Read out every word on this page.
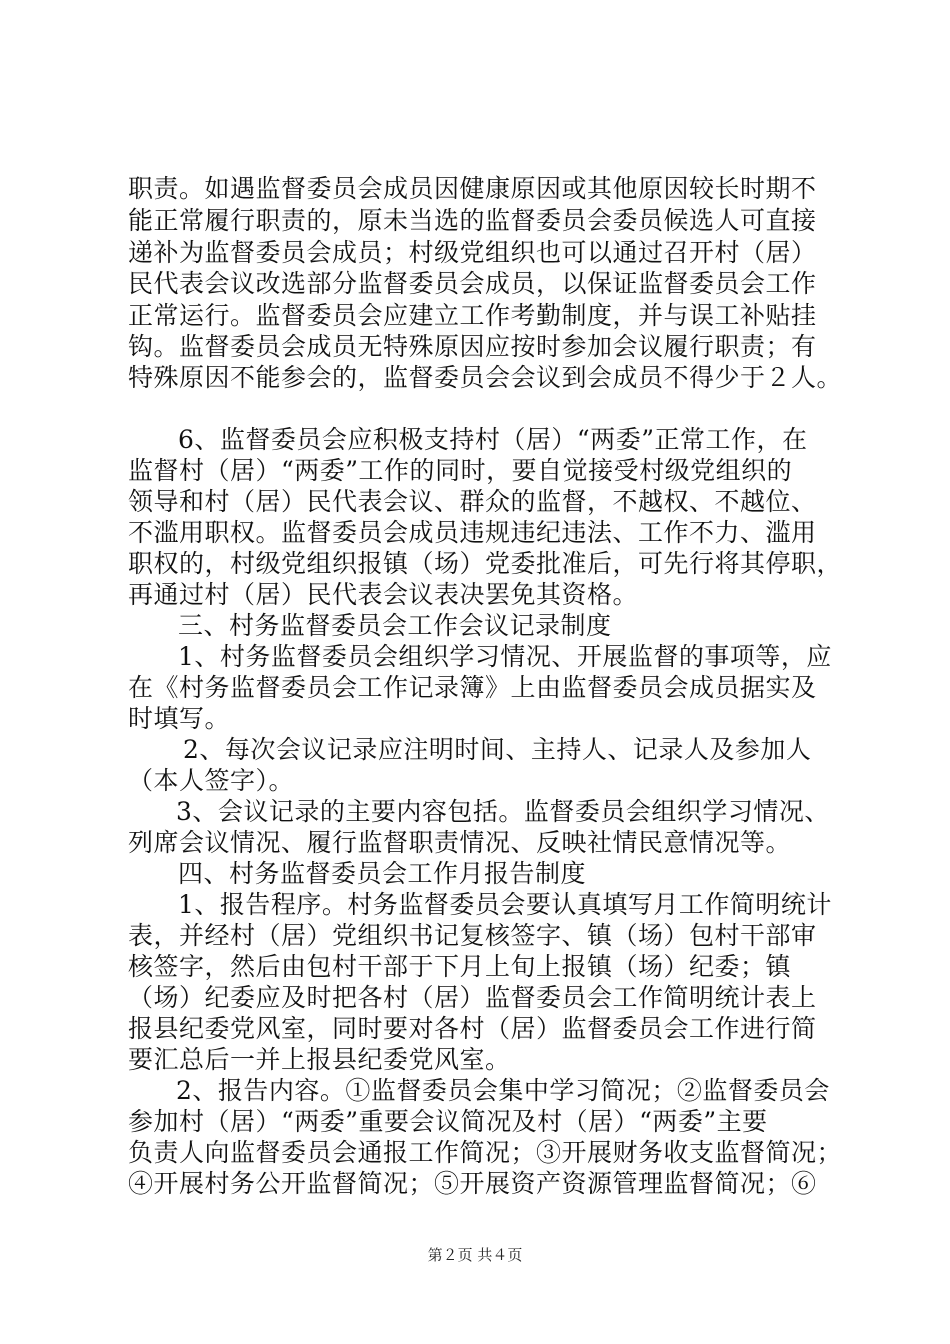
职责。如遇监督委员会成员因健康原因或其他原因较长时期不
能正常履行职责的，原未当选的监督委员会委员候选人可直接
递补为监督委员会成员；村级党组织也可以通过召开村（居）
民代表会议改选部分监督委员会成员，以保证监督委员会工作
正常运行。监督委员会应建立工作考勤制度，并与误工补贴挂
钩。监督委员会成员无特殊原因应按时参加会议履行职责；有
特殊原因不能参会的，监督委员会会议到会成员不得少于２人。
6、监督委员会应积极支持村（居）“两委”正常工作，在
监督村（居）“两委”工作的同时，要自觉接受村级党组织的
领导和村（居）民代表会议、群众的监督，不越权、不越位、
不滥用职权。监督委员会成员违规违纪违法、工作不力、滥用
职权的，村级党组织报镇（场）党委批准后，可先行将其停职，
再通过村（居）民代表会议表决罢免其资格。
三、村务监督委员会工作会议记录制度
1、村务监督委员会组织学习情况、开展监督的事项等，应
在《村务监督委员会工作记录簿》上由监督委员会成员据实及
时填写。
2、每次会议记录应注明时间、主持人、记录人及参加人
（本人签字）。
3、会议记录的主要内容包括。监督委员会组织学习情况、
列席会议情况、履行监督职责情况、反映社情民意情况等。
四、村务监督委员会工作月报告制度
1、报告程序。村务监督委员会要认真填写月工作简明统计
表，并经村（居）党组织书记复核签字、镇（场）包村干部审
核签字，然后由包村干部于下月上旬上报镇（场）纪委；镇
（场）纪委应及时把各村（居）监督委员会工作简明统计表上
报县纪委党风室，同时要对各村（居）监督委员会工作进行简
要汇总后一并上报县纪委党风室。
2、报告内容。①监督委员会集中学习简况；②监督委员会
参加村（居）“两委”重要会议简况及村（居）“两委”主要
负责人向监督委员会通报工作简况；③开展财务收支监督简况；
④开展村务公开监督简况；⑤开展资产资源管理监督简况；⑥
第２页 共４页
